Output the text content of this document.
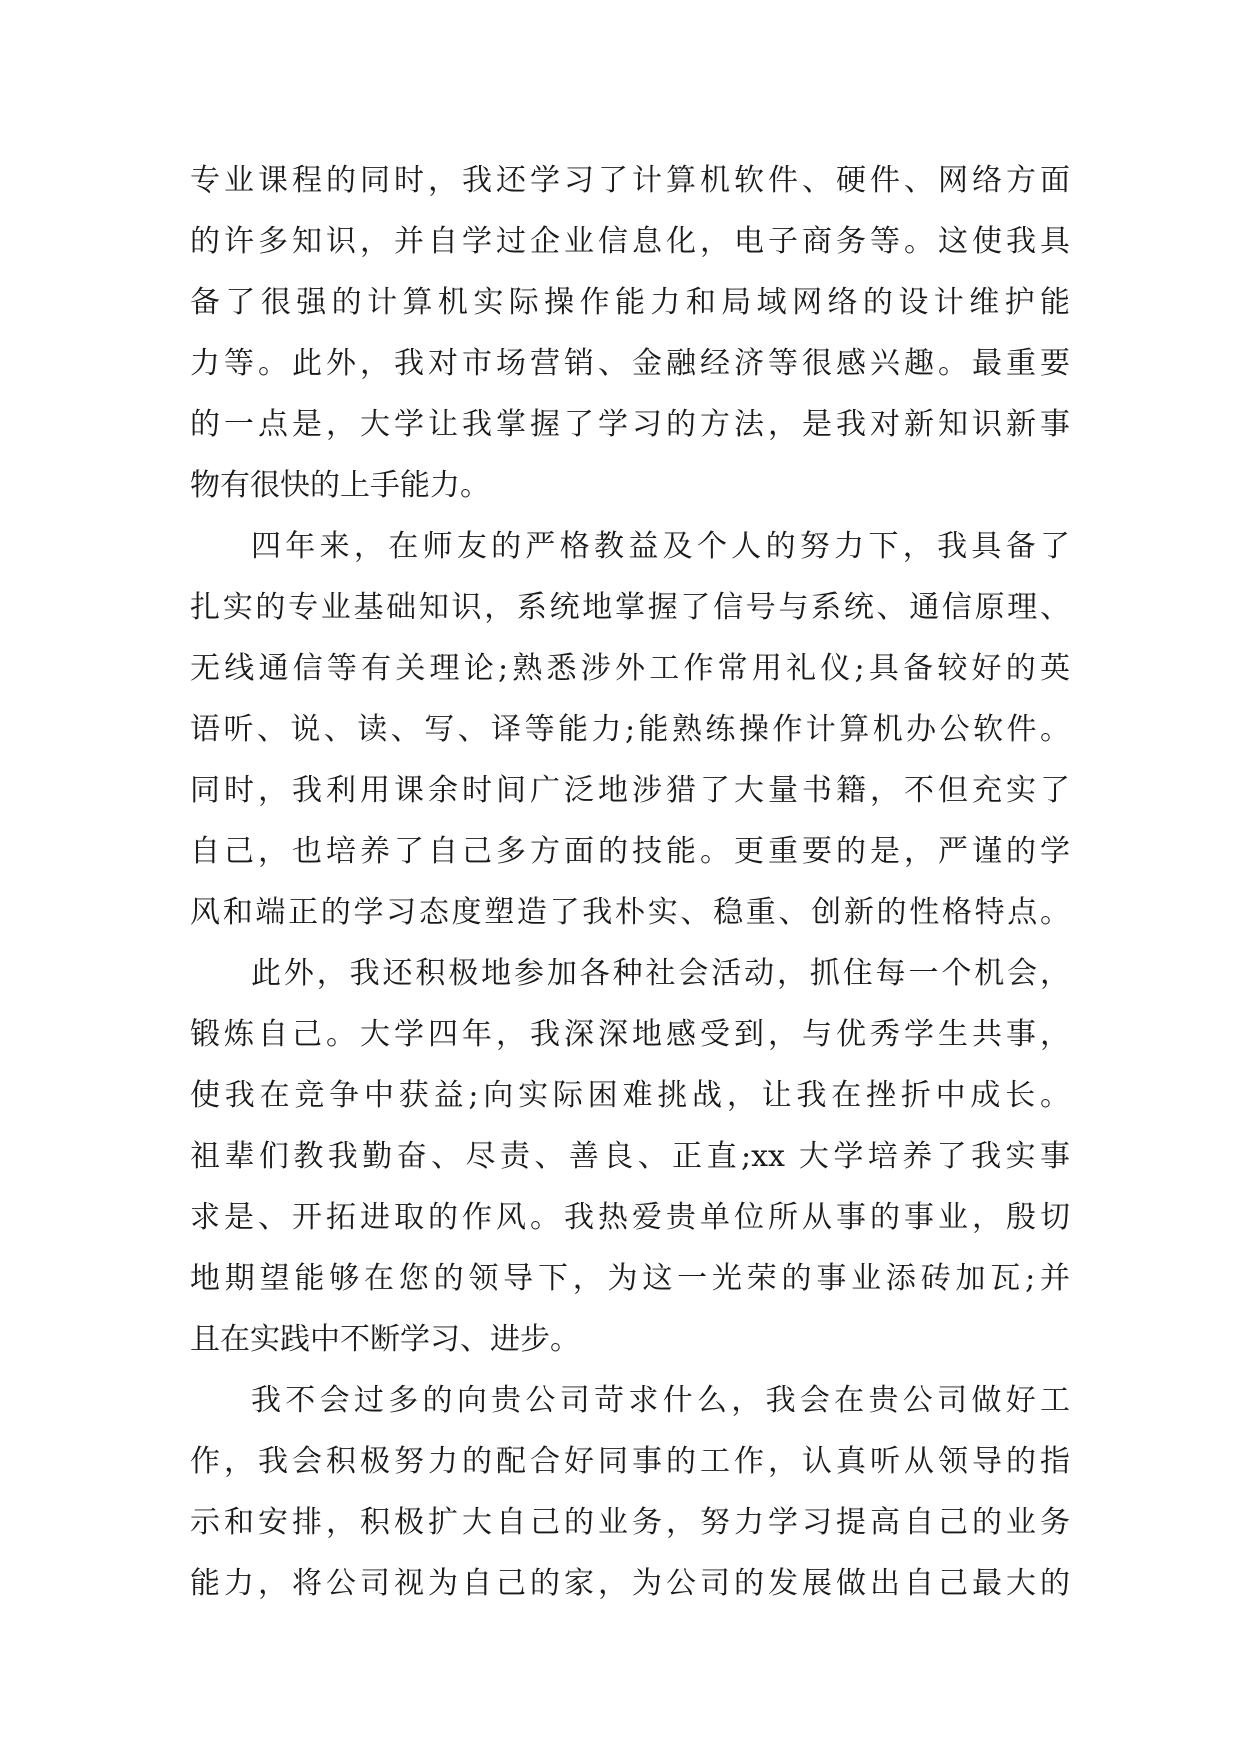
专业课程的同时，我还学习了计算机软件、硬件、网络方面
的许多知识，并自学过企业信息化，电子商务等。这使我具
备了很强的计算机实际操作能力和局域网络的设计维护能
力等。此外，我对市场营销、金融经济等很感兴趣。最重要
的一点是，大学让我掌握了学习的方法，是我对新知识新事
物有很快的上手能力。
四年来，在师友的严格教益及个人的努力下，我具备了
扎实的专业基础知识，系统地掌握了信号与系统、通信原理、
无线通信等有关理论;熟悉涉外工作常用礼仪;具备较好的英
语听、说、读、写、译等能力;能熟练操作计算机办公软件。
同时，我利用课余时间广泛地涉猎了大量书籍，不但充实了
自己，也培养了自己多方面的技能。更重要的是，严谨的学
风和端正的学习态度塑造了我朴实、稳重、创新的性格特点。
此外，我还积极地参加各种社会活动，抓住每一个机会，
锻炼自己。大学四年，我深深地感受到，与优秀学生共事，
使我在竞争中获益;向实际困难挑战，让我在挫折中成长。
祖辈们教我勤奋、尽责、善良、正直;xx 大学培养了我实事
求是、开拓进取的作风。我热爱贵单位所从事的事业，殷切
地期望能够在您的领导下，为这一光荣的事业添砖加瓦;并
且在实践中不断学习、进步。
我不会过多的向贵公司苛求什么，我会在贵公司做好工
作，我会积极努力的配合好同事的工作，认真听从领导的指
示和安排，积极扩大自己的业务，努力学习提高自己的业务
能力，将公司视为自己的家，为公司的发展做出自己最大的
